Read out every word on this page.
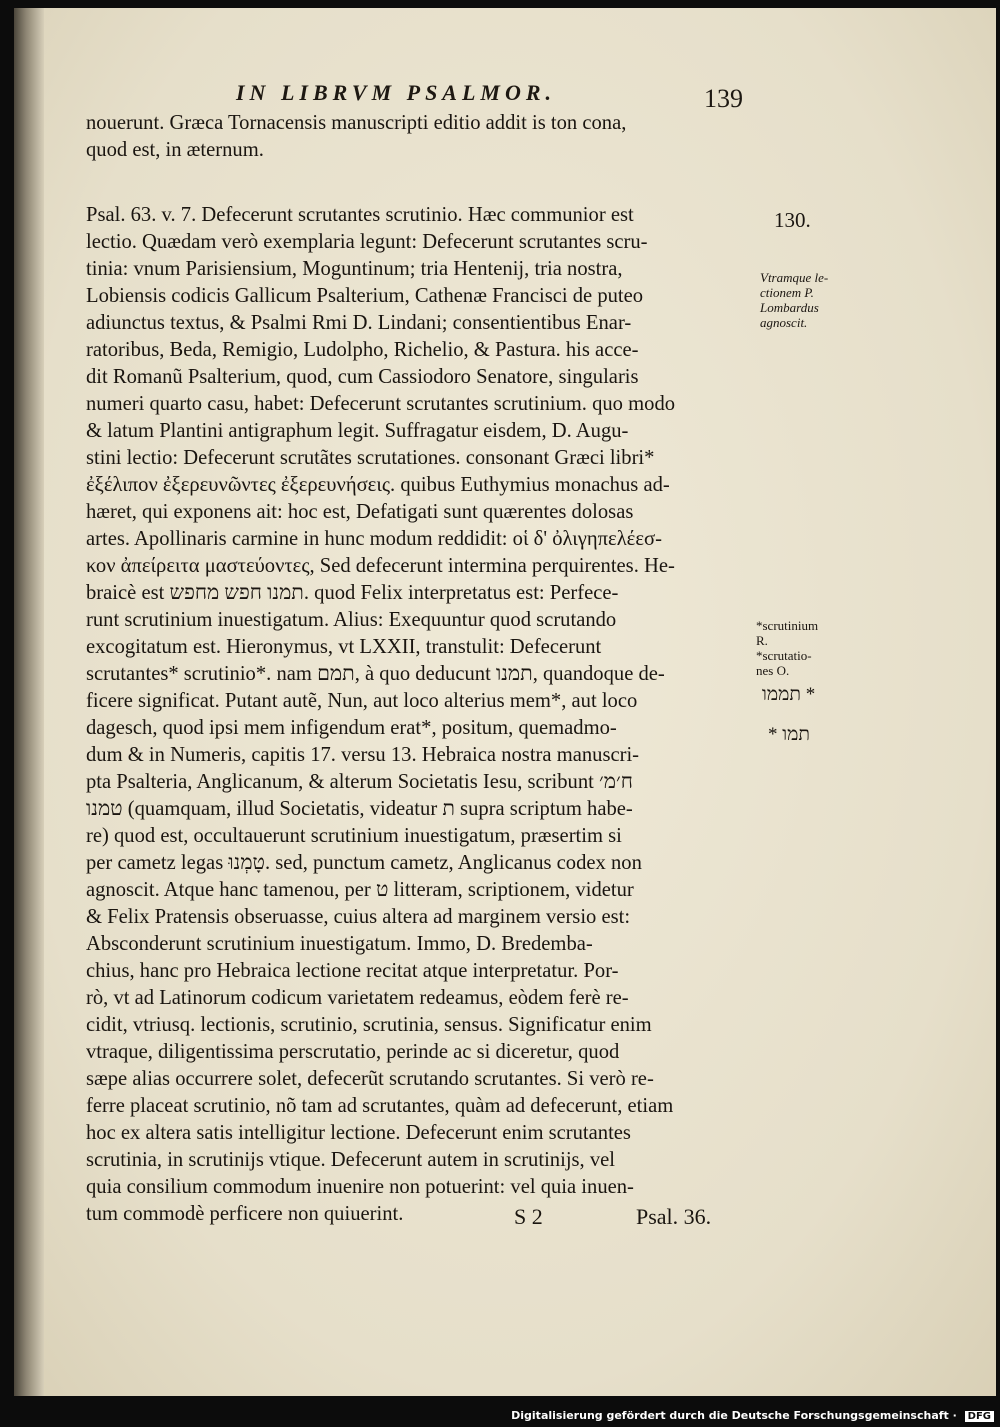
IN LIBRVM PSALMOR.	139
nouerunt. Græca Tornacensis manuscripti editio addit is ton cona,
quod est, in æternum.
Psal. 63. v. 7. Defecerunt scrutantes scrutinio. Hæc communior est
lectio. Quædam verò exemplaria legunt: Defecerunt scrutantes scru-
tinia: vnum Parisiensium, Moguntinum; tria Hentenij, tria nostra,
Lobiensis codicis Gallicum Psalterium, Cathenæ Francisci de puteo
adiunctus textus, & Psalmi Rmi D. Lindani; consentientibus Enar-
ratoribus, Beda, Remigio, Ludolpho, Richelio, & Pastura. his acce-
dit Romanũ Psalterium, quod, cum Cassiodoro Senatore, singularis
numeri quarto casu, habet: Defecerunt scrutantes scrutinium. quo modo
& latum Plantini antigraphum legit. Suffragatur eisdem, D. Augu-
stini lectio: Defecerunt scrutãtes scrutationes. consonant Græci libri*
ἐξέλιπον ἐξερευνῶντες ἐξερευνήσεις. quibus Euthymius monachus ad-
hæret, qui exponens ait: hoc est, Defatigati sunt quærentes dolosas
artes. Apollinaris carmine in hunc modum reddidit: οἱ δ' ὀλιγηπελέεσ-
κον ἀπείρειτα μαστεύοντες, Sed defecerunt intermina perquirentes. He-
braicè est תמנו חפש מחפש. quod Felix interpretatus est: Perfece-
runt scrutinium inuestigatum. Alius: Exequuntur quod scrutando
excogitatum est. Hieronymus, vt LXXII, transtulit: Defecerunt
scrutantes* scrutinio*. nam תמם, à quo deducunt תמנו, quandoque de-
ficere significat. Putant autẽ, Nun, aut loco alterius mem*, aut loco
dagesch, quod ipsi mem infigendum erat*, positum, quemadmo-
dum & in Numeris, capitis 17. versu 13. Hebraica nostra manuscri-
pta Psalteria, Anglicanum, & alterum Societatis Iesu, scribunt ח׳מ׳
טמנו (quamquam, illud Societatis, videatur ת supra scriptum habe-
re) quod est, occultauerunt scrutinium inuestigatum, præsertim si
per cametz legas טָמְנוּ. sed, punctum cametz, Anglicanus codex non
agnoscit. Atque hanc tamenou, per ט litteram, scriptionem, videtur
& Felix Pratensis obseruasse, cuius altera ad marginem versio est:
Absconderunt scrutinium inuestigatum. Immo, D. Bredemba-
chius, hanc pro Hebraica lectione recitat atque interpretatur. Por-
rò, vt ad Latinorum codicum varietatem redeamus, eòdem ferè re-
cidit, vtriusq. lectionis, scrutinio, scrutinia, sensus. Significatur enim
vtraque, diligentissima perscrutatio, perinde ac si diceretur, quod
sæpe alias occurrere solet, defecerũt scrutando scrutantes. Si verò re-
ferre placeat scrutinio, nõ tam ad scrutantes, quàm ad defecerunt, etiam
hoc ex altera satis intelligitur lectione. Defecerunt enim scrutantes
scrutinia, in scrutinijs vtique. Defecerunt autem in scrutinijs, vel
quia consilium commodum inuenire non potuerint: vel quia inuen-
tum commodè perficere non quiuerint.
130.
Vtramque le-
ctionem P.
Lombardus
agnoscit.
*scrutinium
R.
*scrutatio-
nes O.
תממו *
* תמו
S 2	Psal. 36.
Digitalisierung gefördert durch die Deutsche Forschungsgemeinschaft · DFG
